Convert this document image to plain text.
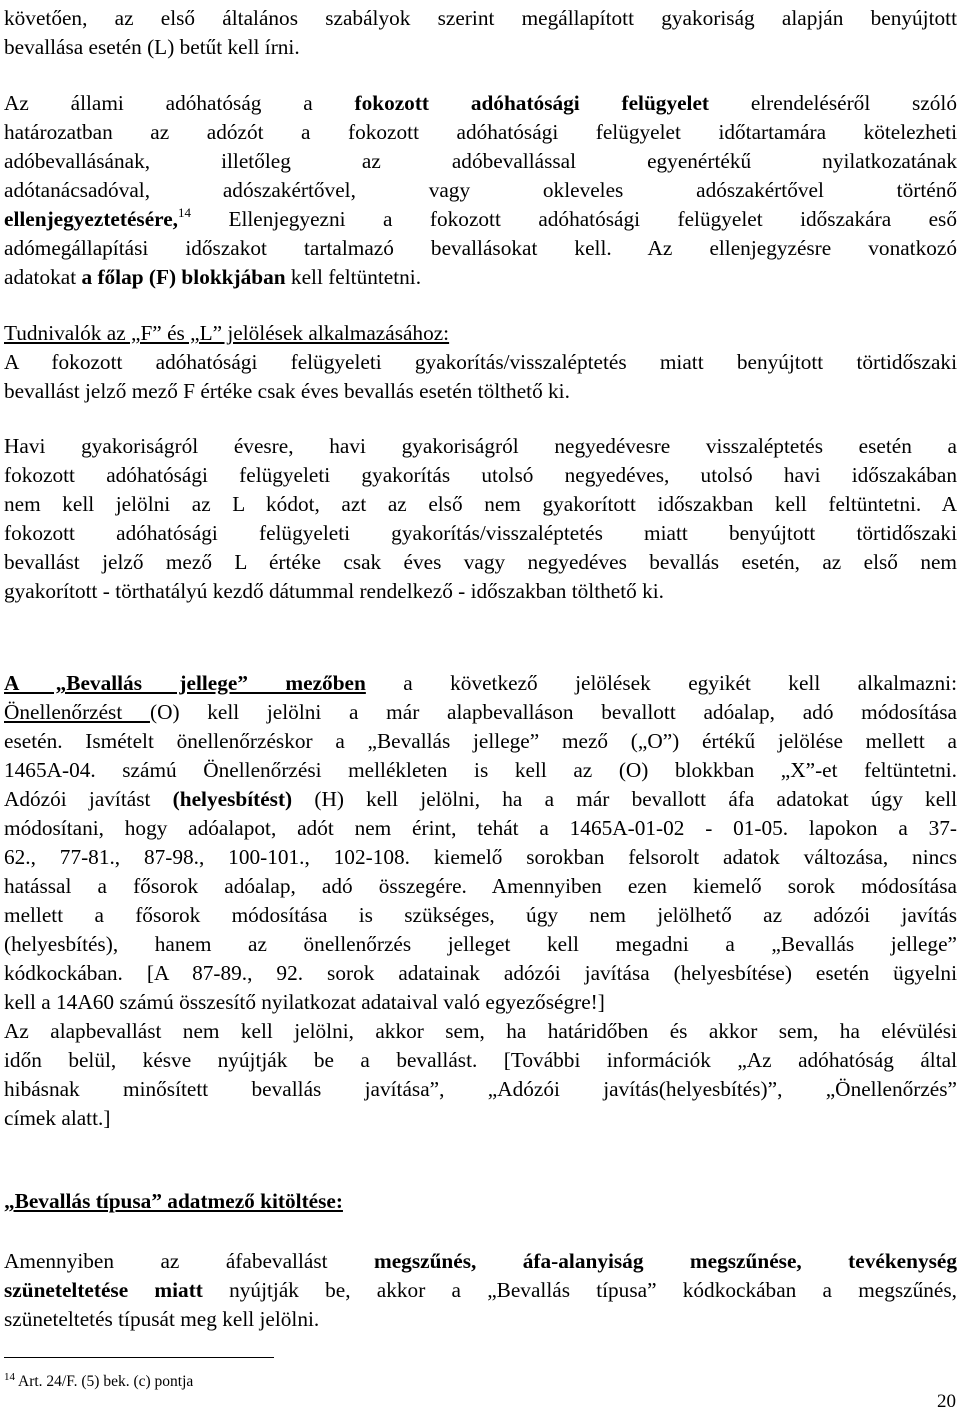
követően, az első általános szabályok szerint megállapított gyakoriság alapján benyújtott
bevallása esetén (L) betűt kell írni.
Az állami adóhatóság a fokozott adóhatósági felügyelet elrendeléséről szóló
határozatban az adózót a fokozott adóhatósági felügyelet időtartamára kötelezheti
adóbevallásának, illetőleg az adóbevallással egyenértékű nyilatkozatának
adótanácsadóval, adószakértővel, vagy okleveles adószakértővel történő
ellenjegyeztetésére,$^{14}$ Ellenjegyezni a fokozott adóhatósági felügyelet időszakára eső
adómegállapítási időszakot tartalmazó bevallásokat kell. Az ellenjegyzésre vonatkozó
adatokat a főlap (F) blokkjában kell feltüntetni.
Tudnivalók az „F” és „L” jelölések alkalmazásához:
A fokozott adóhatósági felügyeleti gyakorítás/visszaléptetés miatt benyújtott törtidőszaki
bevallást jelző mező F értéke csak éves bevallás esetén tölthető ki.
Havi gyakoriságról évesre, havi gyakoriságról negyedévesre visszaléptetés esetén a
fokozott adóhatósági felügyeleti gyakorítás utolsó negyedéves, utolsó havi időszakában
nem kell jelölni az L kódot, azt az első nem gyakorított időszakban kell feltüntetni. A
fokozott adóhatósági felügyeleti gyakorítás/visszaléptetés miatt benyújtott törtidőszaki
bevallást jelző mező L értéke csak éves vagy negyedéves bevallás esetén, az első nem
gyakorított - törthatályú kezdő dátummal rendelkező - időszakban tölthető ki.
A „Bevallás jellege” mezőben a következő jelölések egyikét kell alkalmazni:
Önellenőrzést (O) kell jelölni a már alapbevalláson bevallott adóalap, adó módosítása
esetén. Ismételt önellenőrzéskor a „Bevallás jellege” mező („O”) értékű jelölése mellett a
1465A-04. számú Önellenőrzési mellékleten is kell az (O) blokkban „X”-et feltüntetni.
Adózói javítást (helyesbítést) (H) kell jelölni, ha a már bevallott áfa adatokat úgy kell
módosítani, hogy adóalapot, adót nem érint, tehát a 1465A-01-02 - 01-05. lapokon a 37-
62., 77-81., 87-98., 100-101., 102-108. kiemelő sorokban felsorolt adatok változása, nincs
hatással a fősorok adóalap, adó összegére. Amennyiben ezen kiemelő sorok módosítása
mellett a fősorok módosítása is szükséges, úgy nem jelölhető az adózói javítás
(helyesbítés), hanem az önellenőrzés jelleget kell megadni a „Bevallás jellege”
kódkockában. [A 87-89., 92. sorok adatainak adózói javítása (helyesbítése) esetén ügyelni
kell a 14A60 számú összesítő nyilatkozat adataival való egyezőségre!]
Az alapbevallást nem kell jelölni, akkor sem, ha határidőben és akkor sem, ha elévülési
időn belül, késve nyújtják be a bevallást. [További információk „Az adóhatóság által
hibásnak minősített bevallás javítása”, „Adózói javítás(helyesbítés)”, „Önellenőrzés”
címek alatt.]
„Bevallás típusa” adatmező kitöltése:
Amennyiben az áfabevallást megszűnés, áfa-alanyiság megszűnése, tevékenység
szüneteltetése miatt nyújtják be, akkor a „Bevallás típusa” kódkockában a megszűnés,
szüneteltetés típusát meg kell jelölni.
$^{14}$ Art. 24/F. (5) bek. (c) pontja
20
